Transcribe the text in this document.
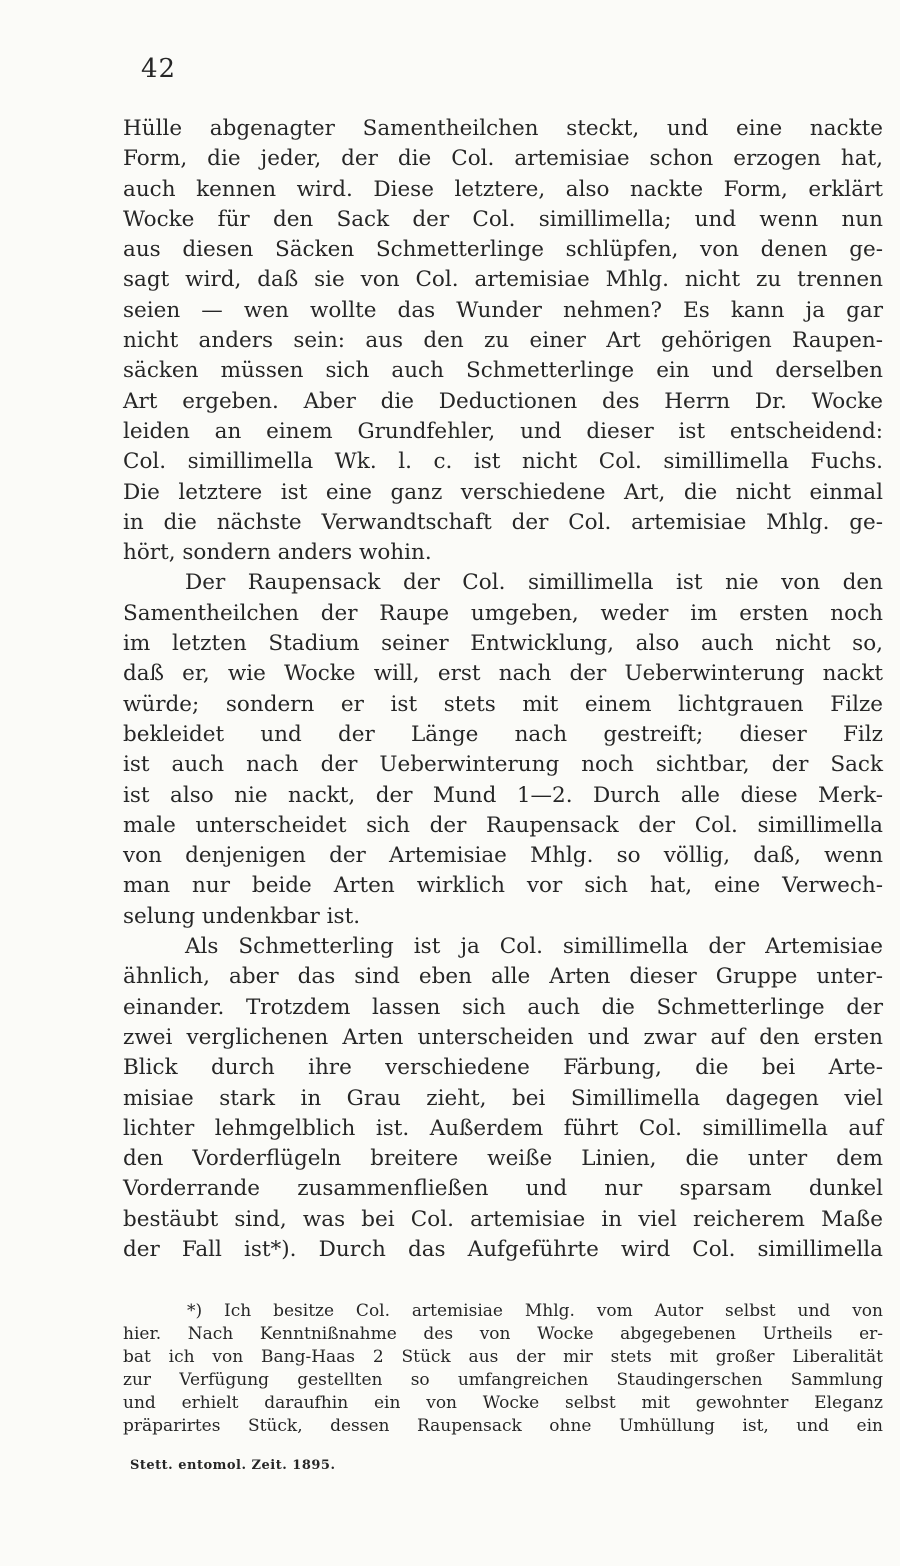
42
Hülle abgenagter Samentheilchen steckt, und eine nackte
Form, die jeder, der die Col. artemisiae schon erzogen hat,
auch kennen wird. Diese letztere, also nackte Form, erklärt
Wocke für den Sack der Col. simillimella; und wenn nun
aus diesen Säcken Schmetterlinge schlüpfen, von denen ge-
sagt wird, daß sie von Col. artemisiae Mhlg. nicht zu trennen
seien — wen wollte das Wunder nehmen? Es kann ja gar
nicht anders sein: aus den zu einer Art gehörigen Raupen-
säcken müssen sich auch Schmetterlinge ein und derselben
Art ergeben. Aber die Deductionen des Herrn Dr. Wocke
leiden an einem Grundfehler, und dieser ist entscheidend:
Col. simillimella Wk. l. c. ist nicht Col. simillimella Fuchs.
Die letztere ist eine ganz verschiedene Art, die nicht einmal
in die nächste Verwandtschaft der Col. artemisiae Mhlg. ge-
hört, sondern anders wohin.
Der Raupensack der Col. simillimella ist nie von den
Samentheilchen der Raupe umgeben, weder im ersten noch
im letzten Stadium seiner Entwicklung, also auch nicht so,
daß er, wie Wocke will, erst nach der Ueberwinterung nackt
würde; sondern er ist stets mit einem lichtgrauen Filze
bekleidet und der Länge nach gestreift; dieser Filz
ist auch nach der Ueberwinterung noch sichtbar, der Sack
ist also nie nackt, der Mund 1—2. Durch alle diese Merk-
male unterscheidet sich der Raupensack der Col. simillimella
von denjenigen der Artemisiae Mhlg. so völlig, daß, wenn
man nur beide Arten wirklich vor sich hat, eine Verwech-
selung undenkbar ist.
Als Schmetterling ist ja Col. simillimella der Artemisiae
ähnlich, aber das sind eben alle Arten dieser Gruppe unter-
einander. Trotzdem lassen sich auch die Schmetterlinge der
zwei verglichenen Arten unterscheiden und zwar auf den ersten
Blick durch ihre verschiedene Färbung, die bei Arte-
misiae stark in Grau zieht, bei Simillimella dagegen viel
lichter lehmgelblich ist. Außerdem führt Col. simillimella auf
den Vorderflügeln breitere weiße Linien, die unter dem
Vorderrande zusammenfließen und nur sparsam dunkel
bestäubt sind, was bei Col. artemisiae in viel reicherem Maße
der Fall ist*). Durch das Aufgeführte wird Col. simillimella
*) Ich besitze Col. artemisiae Mhlg. vom Autor selbst und von
hier. Nach Kenntnißnahme des von Wocke abgegebenen Urtheils er-
bat ich von Bang-Haas 2 Stück aus der mir stets mit großer Liberalität
zur Verfügung gestellten so umfangreichen Staudingerschen Sammlung
und erhielt daraufhin ein von Wocke selbst mit gewohnter Eleganz
präparirtes Stück, dessen Raupensack ohne Umhüllung ist, und ein
Stett. entomol. Zeit. 1895.
